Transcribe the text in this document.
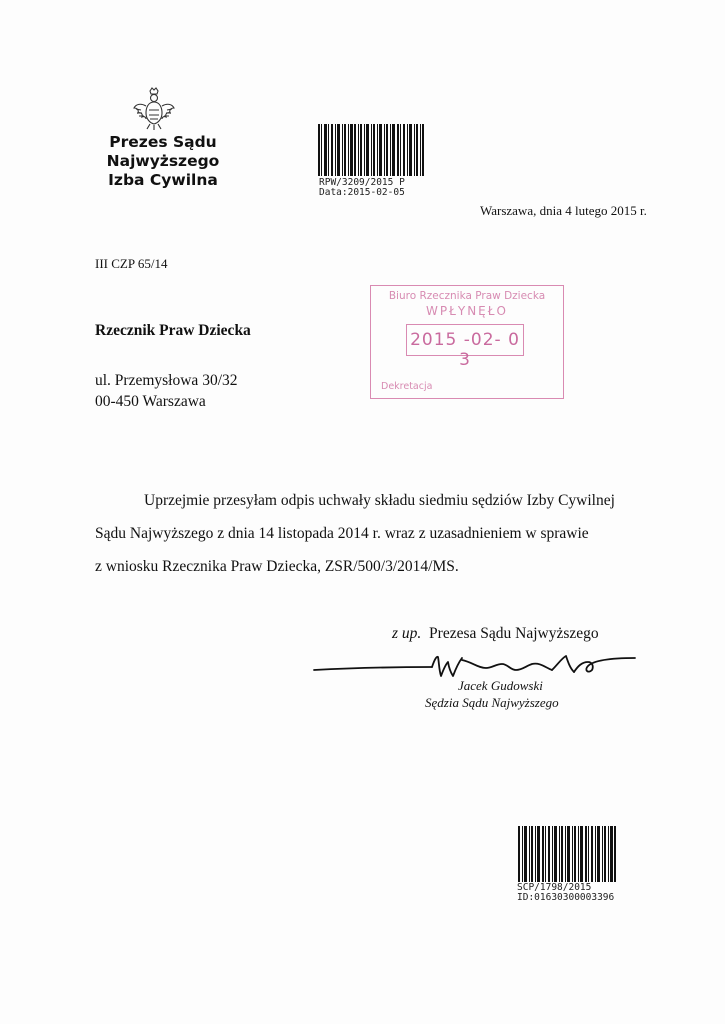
Prezes Sądu Najwyższego
Izba Cywilna	RPW/3209/2015 P
Data:2015-02-05
Warszawa, dnia 4 lutego 2015 r.
III CZP 65/14
Biuro Rzecznika Praw Dziecka
WPŁYNĘŁO
2015 -02- 0 3
Dekretacja
Rzecznik Praw Dziecka
ul. Przemysłowa 30/32
00-450 Warszawa
Uprzejmie przesyłam odpis uchwały składu siedmiu sędziów Izby Cywilnej
Sądu Najwyższego z dnia 14 listopada 2014 r. wraz z uzasadnieniem w sprawie
z wniosku Rzecznika Praw Dziecka, ZSR/500/3/2014/MS.
z up. Prezesa Sądu Najwyższego
Jacek Gudowski
Sędzia Sądu Najwyższego
SCP/1798/2015
ID:01630300003396
